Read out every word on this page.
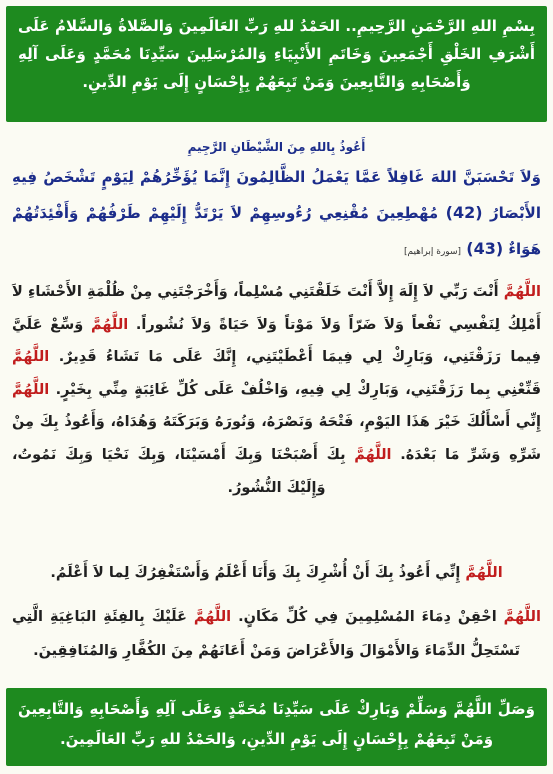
بِسْمِ اللهِ الرَّحْمَنِ الرَّحِيمِ.. الحَمْدُ للهِ رَبِّ العَالَمِينَ وَالصَّلاةُ وَالسَّلامُ عَلَى أَشْرَفِ الخَلْقِ أَجْمَعِينَ وَخَاتَمِ الأَنْبِيَاءِ وَالمُرْسَلِينَ سَيِّدِنَا مُحَمَّدٍ وَعَلَى آلِهِ وَأَصْحَابِهِ وَالتَّابِعِينَ وَمَنْ تَبِعَهُمْ بِإِحْسَانٍ إِلَى يَوْمِ الدِّينِ.
أَعُوذُ بِاللهِ مِنَ الشَّيْطَانِ الرَّجِيمِ
وَلاَ تَحْسَبَنَّ اللهَ غَافِلاً عَمَّا يَعْمَلُ الظَّالِمُونَ إِنَّمَا يُؤَخِّرُهُمْ لِيَوْمٍ تَشْخَصُ فِيهِ الأَبْصَارُ (42) مُهْطِعِينَ مُقْنِعِي رُءُوسِهِمْ لاَ يَرْتَدُّ إِلَيْهِمْ طَرْفُهُمْ وَأَفْئِدَتُهُمْ هَوَاءٌ (43) [سورة إبراهيم]
اللَّهُمَّ أَنْتَ رَبِّي لاَ إِلَهَ إِلاَّ أَنْتَ خَلَقْتَنِي مُسْلِماً، وَأَخْرَجْتَنِي مِنْ ظُلْمَةِ الأَحْشَاءِ لاَ أَمْلِكُ لِنَفْسِي نَفْعاً وَلاَ ضَرّاً وَلاَ مَوْتاً وَلاَ حَيَاةً وَلاَ نُشُوراً. اللَّهُمَّ وَسِّعْ عَلَيَّ فِيما رَزَقْتَنِي، وَبَارِكْ لِي فِيمَا أَعْطَيْتَنِي، إِنَّكَ عَلَى مَا تَشَاءُ قَدِيرٌ. اللَّهُمَّ قَنِّعْنِي بِما رَزَقْتَنِي، وَبَارِكْ لِي فِيهِ، وَاخْلُفْ عَلَى كُلِّ غَائِبَةٍ مِنِّي بِخَيْرٍ. اللَّهُمَّ إِنِّي أَسْأَلُكَ خَيْرَ هَذَا اليَوْمِ، فَتْحَهُ وَنَصْرَهُ، وَنُورَهُ وَبَرَكَتَهُ وَهُدَاهُ، وَأَعُوذُ بِكَ مِنْ شَرِّهِ وَشَرِّ مَا بَعْدَهُ. اللَّهُمَّ بِكَ أَصْبَحْنَا وَبِكَ أَمْسَيْنَا، وَبِكَ نَحْيَا وَبِكَ نَمُوتُ، وَإِلَيْكَ النُّشُورُ.
اللَّهُمَّ إِنِّي أَعُوذُ بِكَ أَنْ أُشْرِكَ بِكَ وَأَنَا أَعْلَمُ وَأَسْتَغْفِرُكَ لِما لاَ أَعْلَمُ.
اللَّهُمَّ احْقِنْ دِمَاءَ المُسْلِمِينَ فِي كُلِّ مَكَانٍ. اللَّهُمَّ عَلَيْكَ بِالفِئَةِ البَاغِيَةِ الَّتِي تَسْتَحِلُّ الدِّمَاءَ وَالأَمْوَالَ وَالأَعْرَاضَ وَمَنْ أَعَانَهُمْ مِنَ الكُفَّارِ وَالمُنَافِقِينَ.
وَصَلِّ اللَّهُمَّ وَسَلِّمْ وَبَارِكْ عَلَى سَيِّدِنَا مُحَمَّدٍ وَعَلَى آلِهِ وَأَصْحَابِهِ وَالتَّابِعِينَ وَمَنْ تَبِعَهُمْ بِإِحْسَانٍ إِلَى يَوْمِ الدِّينِ، وَالحَمْدُ للهِ رَبِّ العَالَمِينَ.
